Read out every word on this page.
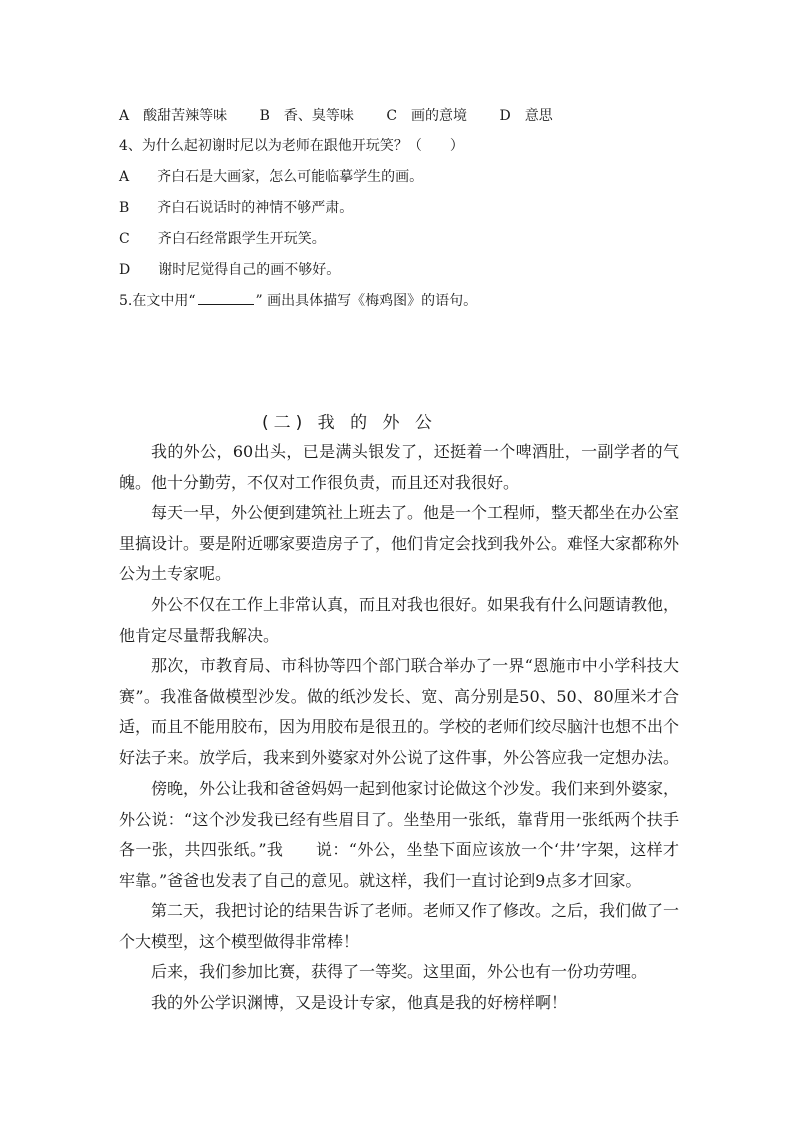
A 酸甜苦辣等味 B 香、臭等味 C 画的意境 D 意思
4、为什么起初谢时尼以为老师在跟他开玩笑？（　　）
A 齐白石是大画家，怎么可能临摹学生的画。
B 齐白石说话时的神情不够严肃。
C 齐白石经常跟学生开玩笑。
D 谢时尼觉得自己的画不够好。
5.在文中用“	” 画出具体描写《梅鸡图》的语句。
(二) 我 的 外 公

我的外公，60出头，已是满头银发了，还挺着一个啤酒肚，一副学者的气魄。他十分勤劳，不仅对工作很负责，而且还对我很好。

每天一早，外公便到建筑社上班去了。他是一个工程师，整天都坐在办公室里搞设计。要是附近哪家要造房子了，他们肯定会找到我外公。难怪大家都称外公为土专家呢。

外公不仅在工作上非常认真，而且对我也很好。如果我有什么问题请教他，他肯定尽量帮我解决。

那次，市教育局、市科协等四个部门联合举办了一界“恩施市中小学科技大赛”。我准备做模型沙发。做的纸沙发长、宽、高分别是50、50、80厘米才合适，而且不能用胶布，因为用胶布是很丑的。学校的老师们绞尽脑汁也想不出个好法子来。放学后，我来到外婆家对外公说了这件事，外公答应我一定想办法。

傍晚，外公让我和爸爸妈妈一起到他家讨论做这个沙发。我们来到外婆家，外公说：“这个沙发我已经有些眉目了。坐垫用一张纸，靠背用一张纸两个扶手各一张，共四张纸。”我　　说：“外公，坐垫下面应该放一个‘井’字架，这样才牢靠。”爸爸也发表了自己的意见。就这样，我们一直讨论到9点多才回家。

第二天，我把讨论的结果告诉了老师。老师又作了修改。之后，我们做了一个大模型，这个模型做得非常棒！

后来，我们参加比赛，获得了一等奖。这里面，外公也有一份功劳哩。

我的外公学识渊博，又是设计专家，他真是我的好榜样啊！
